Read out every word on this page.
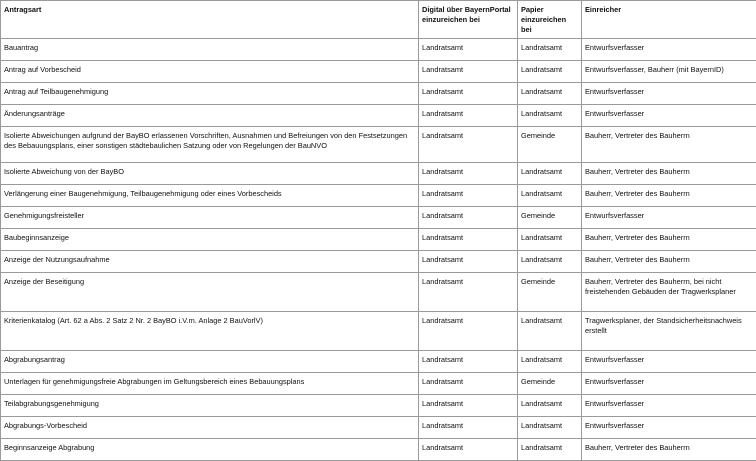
Antragsart	Digital über BayernPortal einzureichen bei	Papier einzureichen bei	Einreicher
Bauantrag	Landratsamt	Landratsamt	Entwurfsverfasser
Antrag auf Vorbescheid	Landratsamt	Landratsamt	Entwurfsverfasser, Bauherr (mit BayernID)
Antrag auf Teilbaugenehmigung	Landratsamt	Landratsamt	Entwurfsverfasser
Änderungsanträge	Landratsamt	Landratsamt	Entwurfsverfasser
Isolierte Abweichungen aufgrund der BayBO erlassenen Vorschriften, Ausnahmen und Befreiungen von den Festsetzungen des Bebauungsplans, einer sonstigen städtebaulichen Satzung oder von Regelungen der BauNVO	Landratsamt	Gemeinde	Bauherr, Vertreter des Bauherrn
Isolierte Abweichung von der BayBO	Landratsamt	Landratsamt	Bauherr, Vertreter des Bauherrn
Verlängerung einer Baugenehmigung, Teilbaugenehmigung oder eines Vorbescheids	Landratsamt	Landratsamt	Bauherr, Vertreter des Bauherrn
Genehmigungsfreisteller	Landratsamt	Gemeinde	Entwurfsverfasser
Baubeginnsanzeige	Landratsamt	Landratsamt	Bauherr, Vertreter des Bauherrn
Anzeige der Nutzungsaufnahme	Landratsamt	Landratsamt	Bauherr, Vertreter des Bauherrn
Anzeige der Beseitigung	Landratsamt	Gemeinde	Bauherr, Vertreter des Bauherrn, bei nicht freistehenden Gebäuden der Tragwerksplaner
Kriterienkatalog (Art. 62 a Abs. 2 Satz 2 Nr. 2 BayBO i.V.m. Anlage 2 BauVorlV)	Landratsamt	Landratsamt	Tragwerksplaner, der Standsicherheitsnachweis erstellt
Abgrabungsantrag	Landratsamt	Landratsamt	Entwurfsverfasser
Unterlagen für genehmigungsfreie Abgrabungen im Geltungsbereich eines Bebauungsplans	Landratsamt	Gemeinde	Entwurfsverfasser
Teilabgrabungsgenehmigung	Landratsamt	Landratsamt	Entwurfsverfasser
Abgrabungs-Vorbescheid	Landratsamt	Landratsamt	Entwurfsverfasser
Beginnsanzeige Abgrabung	Landratsamt	Landratsamt	Bauherr, Vertreter des Bauherrn
